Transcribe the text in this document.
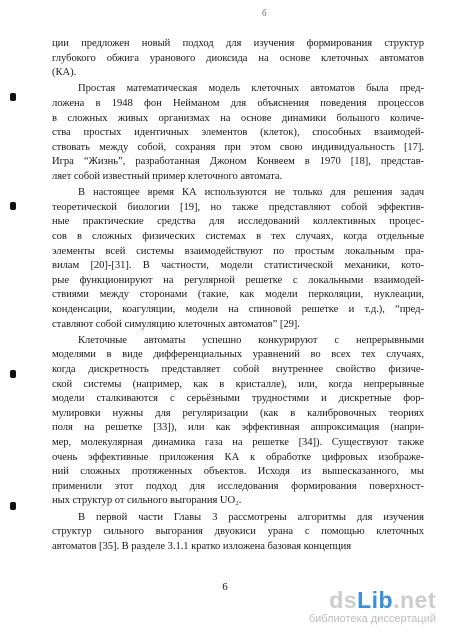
б
ции предложен новый подход для изучения формирования структур
глубокого обжига уранового диоксида на основе клеточных автоматов
(КА).
Простая математическая модель клеточных автоматов была пред-
ложена в 1948 фон Нейманом для объяснения поведения процессов
в сложных живых организмах на основе динамики большого количе-
ства простых идентичных элементов (клеток), способных взаимодей-
ствовать между собой, сохраняя при этом свою индивидуальность [17].
Игра “Жизнь”, разработанная Джоном Конвеем в 1970 [18], представ-
ляет собой известный пример клеточного автомата.
В настоящее время КА используются не только для решения задач
теоретической биологии [19], но также представляют собой эффектив-
ные практические средства для исследований коллективных процес-
сов в сложных физических системах в тех случаях, когда отдельные
элементы всей системы взаимодействуют по простым локальным пра-
вилам [20]-[31]. В частности, модели статистической механики, кото-
рые функционируют на регулярной решетке с локальными взаимодей-
ствиями между сторонами (такие, как модели перколяции, нуклеации,
конденсации, коагуляции, модели на спиновой решетке и т.д.), “пред-
ставляют собой симуляцию клеточных автоматов” [29].
Клеточные автоматы успешно конкурируют с непрерывными
моделями в виде дифференциальных уравнений во всех тех случаях,
когда дискретность представляет собой внутреннее свойство физиче-
ской системы (например, как в кристалле), или, когда непрерывные
модели сталкиваются с серьёзными трудностями и дискретные фор-
мулировки нужны для регуляризации (как в калибровочных теориях
поля на решетке [33]), или как эффективная аппроксимация (напри-
мер, молекулярная динамика газа на решетке [34]). Существуют также
очень эффективные приложения КА к обработке цифровых изображе-
ний сложных протяженных объектов. Исходя из вышесказанного, мы
применили этот подход для исследования формирования поверхност-
ных структур от сильного выгорания UO₂.
В первой части Главы 3 рассмотрены алгоритмы для изучения
структур сильного выгорания двуокиси урана с помощью клеточных
автоматов [35]. В разделе 3.1.1 кратко изложена базовая концепция
6	dsLib.net
библиотека диссертаций
